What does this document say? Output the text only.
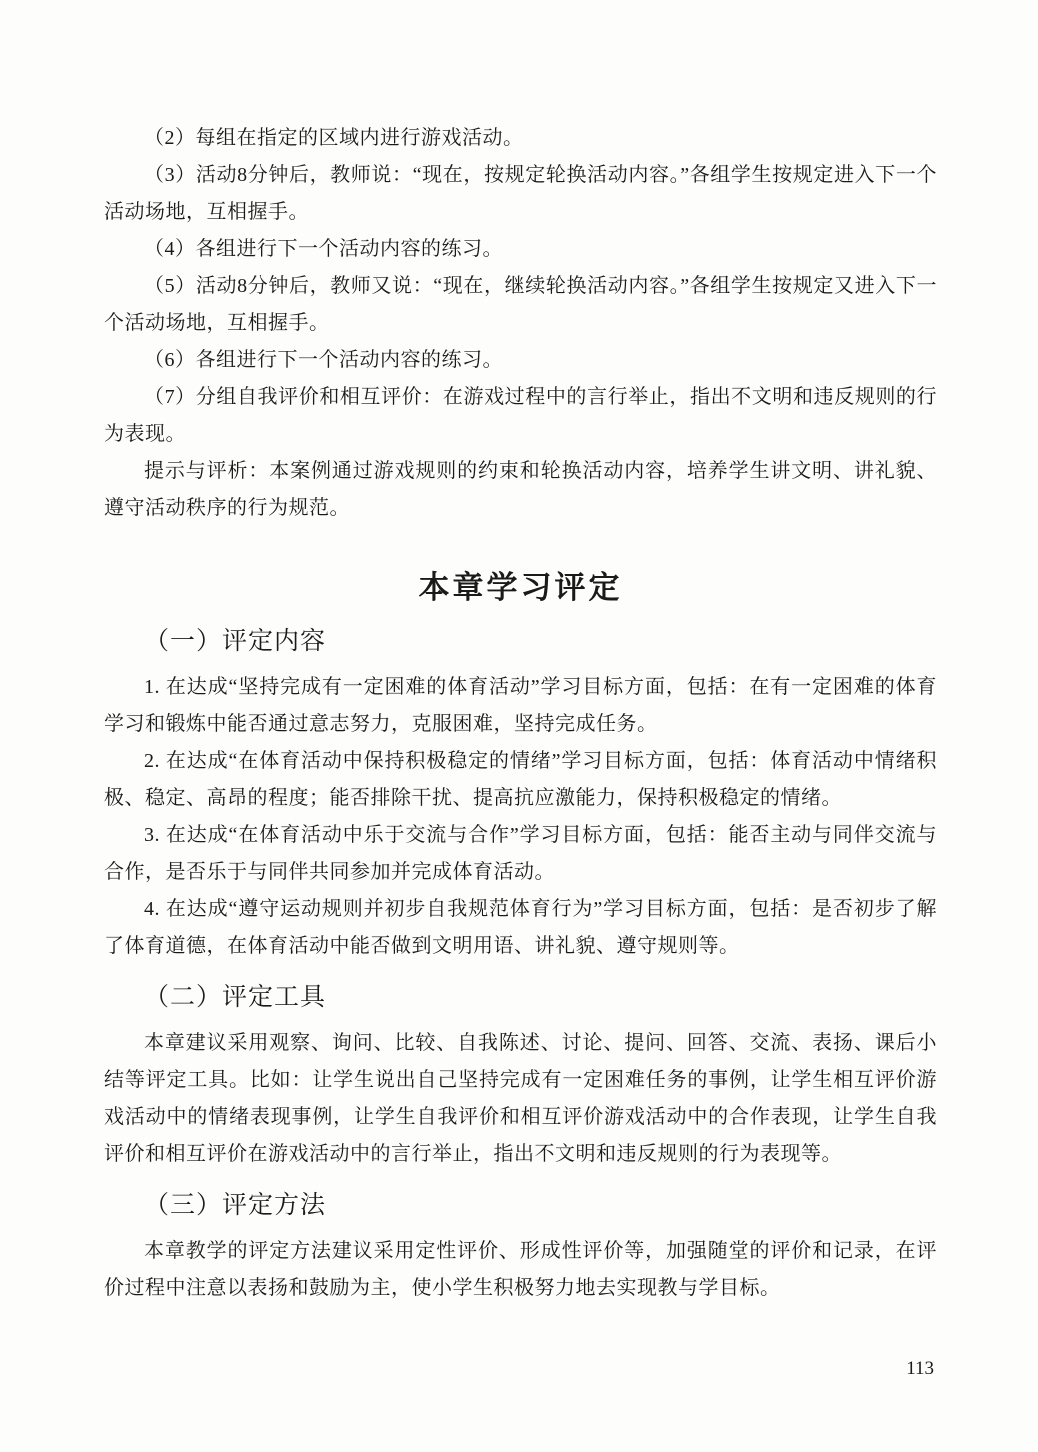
（2）每组在指定的区域内进行游戏活动。
（3）活动8分钟后，教师说：“现在，按规定轮换活动内容。”各组学生按规定进入下一个活动场地，互相握手。
（4）各组进行下一个活动内容的练习。
（5）活动8分钟后，教师又说：“现在，继续轮换活动内容。”各组学生按规定又进入下一个活动场地，互相握手。
（6）各组进行下一个活动内容的练习。
（7）分组自我评价和相互评价：在游戏过程中的言行举止，指出不文明和违反规则的行为表现。
提示与评析：本案例通过游戏规则的约束和轮换活动内容，培养学生讲文明、讲礼貌、遵守活动秩序的行为规范。
本章学习评定
（一）评定内容
1. 在达成“坚持完成有一定困难的体育活动”学习目标方面，包括：在有一定困难的体育学习和锻炼中能否通过意志努力，克服困难，坚持完成任务。
2. 在达成“在体育活动中保持积极稳定的情绪”学习目标方面，包括：体育活动中情绪积极、稳定、高昂的程度；能否排除干扰、提高抗应激能力，保持积极稳定的情绪。
3. 在达成“在体育活动中乐于交流与合作”学习目标方面，包括：能否主动与同伴交流与合作，是否乐于与同伴共同参加并完成体育活动。
4. 在达成“遵守运动规则并初步自我规范体育行为”学习目标方面，包括：是否初步了解了体育道德，在体育活动中能否做到文明用语、讲礼貌、遵守规则等。
（二）评定工具
本章建议采用观察、询问、比较、自我陈述、讨论、提问、回答、交流、表扬、课后小结等评定工具。比如：让学生说出自己坚持完成有一定困难任务的事例，让学生相互评价游戏活动中的情绪表现事例，让学生自我评价和相互评价游戏活动中的合作表现，让学生自我评价和相互评价在游戏活动中的言行举止，指出不文明和违反规则的行为表现等。
（三）评定方法
本章教学的评定方法建议采用定性评价、形成性评价等，加强随堂的评价和记录，在评价过程中注意以表扬和鼓励为主，使小学生积极努力地去实现教与学目标。
113
